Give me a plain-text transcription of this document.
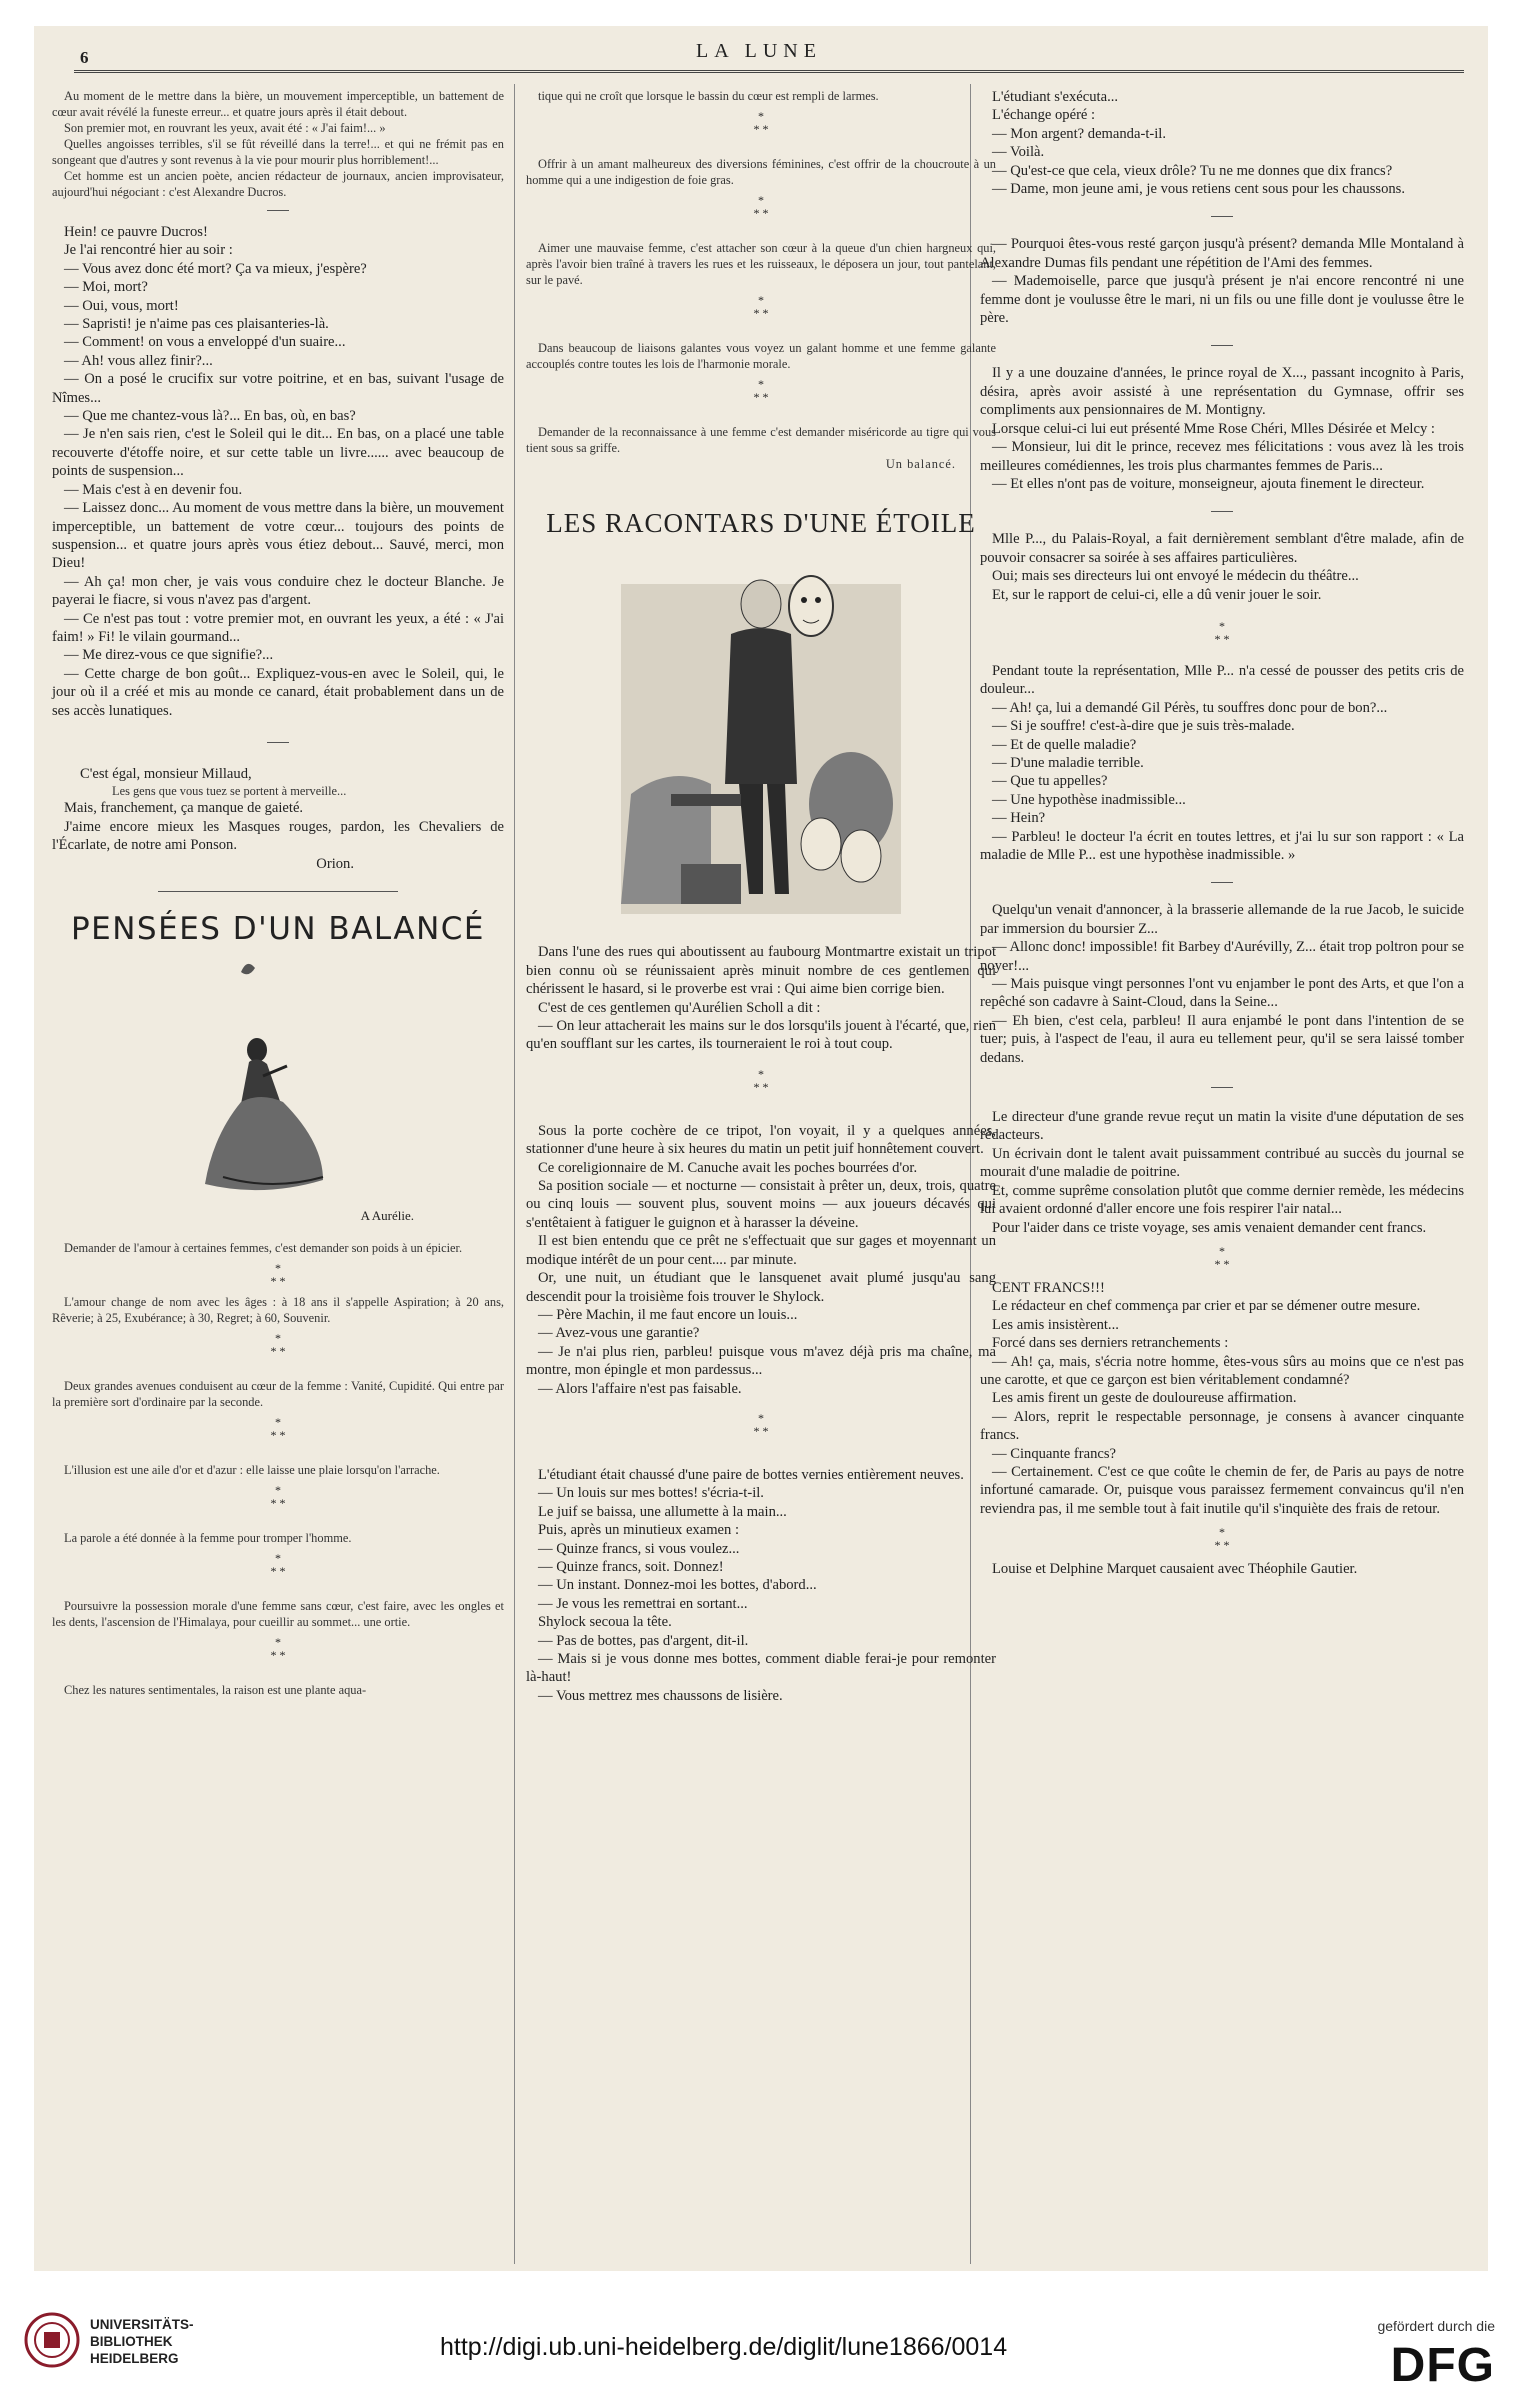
6	LA LUNE

Au moment de le mettre dans la bière, un mouvement imperceptible, un battement de cœur avait révélé la funeste erreur... et quatre jours après il était debout.

Son premier mot, en rouvrant les yeux, avait été : « J'ai faim!... »

Quelles angoisses terribles, s'il se fût réveillé dans la terre!... et qui ne frémit pas en songeant que d'autres y sont revenus à la vie pour mourir plus horriblement!...

Cet homme est un ancien poète, ancien rédacteur de journaux, ancien improvisateur, aujourd'hui négociant : c'est Alexandre Ducros.

Hein! ce pauvre Ducros!

Je l'ai rencontré hier au soir :

— Vous avez donc été mort? Ça va mieux, j'espère?

— Moi, mort?

— Oui, vous, mort!

— Sapristi! je n'aime pas ces plaisanteries-là.

— Comment! on vous a enveloppé d'un suaire...

— Ah! vous allez finir?...

— On a posé le crucifix sur votre poitrine, et en bas, suivant l'usage de Nîmes...

— Que me chantez-vous là?... En bas, où, en bas?

— Je n'en sais rien, c'est le Soleil qui le dit... En bas, on a placé une table recouverte d'étoffe noire, et sur cette table un livre...... avec beaucoup de points de suspension...

— Mais c'est à en devenir fou.

— Laissez donc... Au moment de vous mettre dans la bière, un mouvement imperceptible, un battement de votre cœur... toujours des points de suspension... et quatre jours après vous étiez debout... Sauvé, merci, mon Dieu!

— Ah ça! mon cher, je vais vous conduire chez le docteur Blanche. Je payerai le fiacre, si vous n'avez pas d'argent.

— Ce n'est pas tout : votre premier mot, en ouvrant les yeux, a été : « J'ai faim! » Fi! le vilain gourmand...

— Me direz-vous ce que signifie?...

— Cette charge de bon goût... Expliquez-vous-en avec le Soleil, qui, le jour où il a créé et mis au monde ce canard, était probablement dans un de ses accès lunatiques.

C'est égal, monsieur Millaud,

Les gens que vous tuez se portent à merveille...

Mais, franchement, ça manque de gaieté.

J'aime encore mieux les Masques rouges, pardon, les Chevaliers de l'Écarlate, de notre ami Ponson.

Orion.

PENSÉES D'UN BALANCÉ

A Aurélie.

Demander de l'amour à certaines femmes, c'est demander son poids à un épicier.

*
* *

L'amour change de nom avec les âges : à 18 ans il s'appelle Aspiration; à 20 ans, Rêverie; à 25, Exubérance; à 30, Regret; à 60, Souvenir.

*
* *

Deux grandes avenues conduisent au cœur de la femme : Vanité, Cupidité. Qui entre par la première sort d'ordinaire par la seconde.

*
* *

L'illusion est une aile d'or et d'azur : elle laisse une plaie lorsqu'on l'arrache.

*
* *

La parole a été donnée à la femme pour tromper l'homme.

*
* *

Poursuivre la possession morale d'une femme sans cœur, c'est faire, avec les ongles et les dents, l'ascension de l'Himalaya, pour cueillir au sommet... une ortie.

*
* *

Chez les natures sentimentales, la raison est une plante aqua-

tique qui ne croît que lorsque le bassin du cœur est rempli de larmes.

*
* *

Offrir à un amant malheureux des diversions féminines, c'est offrir de la choucroute à un homme qui a une indigestion de foie gras.

*
* *

Aimer une mauvaise femme, c'est attacher son cœur à la queue d'un chien hargneux qui, après l'avoir bien traîné à travers les rues et les ruisseaux, le déposera un jour, tout pantelant, sur le pavé.

*
* *

Dans beaucoup de liaisons galantes vous voyez un galant homme et une femme galante accouplés contre toutes les lois de l'harmonie morale.

*
* *

Demander de la reconnaissance à une femme c'est demander miséricorde au tigre qui vous tient sous sa griffe.

Un balancé.

LES RACONTARS D'UNE ÉTOILE

Dans l'une des rues qui aboutissent au faubourg Montmartre existait un tripot bien connu où se réunissaient après minuit nombre de ces gentlemen qui chérissent le hasard, si le proverbe est vrai : Qui aime bien corrige bien.

C'est de ces gentlemen qu'Aurélien Scholl a dit :

— On leur attacherait les mains sur le dos lorsqu'ils jouent à l'écarté, que, rien qu'en soufflant sur les cartes, ils tourneraient le roi à tout coup.

*
* *

Sous la porte cochère de ce tripot, l'on voyait, il y a quelques années, stationner d'une heure à six heures du matin un petit juif honnêtement couvert.

Ce coreligionnaire de M. Canuche avait les poches bourrées d'or.

Sa position sociale — et nocturne — consistait à prêter un, deux, trois, quatre ou cinq louis — souvent plus, souvent moins — aux joueurs décavés qui s'entêtaient à fatiguer le guignon et à harasser la déveine.

Il est bien entendu que ce prêt ne s'effectuait que sur gages et moyennant un modique intérêt de un pour cent.... par minute.

Or, une nuit, un étudiant que le lansquenet avait plumé jusqu'au sang descendit pour la troisième fois trouver le Shylock.

— Père Machin, il me faut encore un louis...

— Avez-vous une garantie?

— Je n'ai plus rien, parbleu! puisque vous m'avez déjà pris ma chaîne, ma montre, mon épingle et mon pardessus...

— Alors l'affaire n'est pas faisable.

*
* *

L'étudiant était chaussé d'une paire de bottes vernies entièrement neuves.

— Un louis sur mes bottes! s'écria-t-il.

Le juif se baissa, une allumette à la main...

Puis, après un minutieux examen :

— Quinze francs, si vous voulez...

— Quinze francs, soit. Donnez!

— Un instant. Donnez-moi les bottes, d'abord...

— Je vous les remettrai en sortant...

Shylock secoua la tête.

— Pas de bottes, pas d'argent, dit-il.

— Mais si je vous donne mes bottes, comment diable ferai-je pour remonter là-haut!

— Vous mettrez mes chaussons de lisière.

L'étudiant s'exécuta...

L'échange opéré :

— Mon argent? demanda-t-il.

— Voilà.

— Qu'est-ce que cela, vieux drôle? Tu ne me donnes que dix francs?

— Dame, mon jeune ami, je vous retiens cent sous pour les chaussons.

— Pourquoi êtes-vous resté garçon jusqu'à présent? demanda Mlle Montaland à Alexandre Dumas fils pendant une répétition de l'Ami des femmes.

— Mademoiselle, parce que jusqu'à présent je n'ai encore rencontré ni une femme dont je voulusse être le mari, ni un fils ou une fille dont je voulusse être le père.

Il y a une douzaine d'années, le prince royal de X..., passant incognito à Paris, désira, après avoir assisté à une représentation du Gymnase, offrir ses compliments aux pensionnaires de M. Montigny.

Lorsque celui-ci lui eut présenté Mme Rose Chéri, Mlles Désirée et Melcy :

— Monsieur, lui dit le prince, recevez mes félicitations : vous avez là les trois meilleures comédiennes, les trois plus charmantes femmes de Paris...

— Et elles n'ont pas de voiture, monseigneur, ajouta finement le directeur.

Mlle P..., du Palais-Royal, a fait dernièrement semblant d'être malade, afin de pouvoir consacrer sa soirée à ses affaires particulières.

Oui; mais ses directeurs lui ont envoyé le médecin du théâtre...

Et, sur le rapport de celui-ci, elle a dû venir jouer le soir.

*
* *

Pendant toute la représentation, Mlle P... n'a cessé de pousser des petits cris de douleur...

— Ah! ça, lui a demandé Gil Pérès, tu souffres donc pour de bon?...

— Si je souffre! c'est-à-dire que je suis très-malade.

— Et de quelle maladie?

— D'une maladie terrible.

— Que tu appelles?

— Une hypothèse inadmissible...

— Hein?

— Parbleu! le docteur l'a écrit en toutes lettres, et j'ai lu sur son rapport : « La maladie de Mlle P... est une hypothèse inadmissible. »

Quelqu'un venait d'annoncer, à la brasserie allemande de la rue Jacob, le suicide par immersion du boursier Z...

— Allonc donc! impossible! fit Barbey d'Aurévilly, Z... était trop poltron pour se noyer!...

— Mais puisque vingt personnes l'ont vu enjamber le pont des Arts, et que l'on a repêché son cadavre à Saint-Cloud, dans la Seine...

— Eh bien, c'est cela, parbleu! Il aura enjambé le pont dans l'intention de se tuer; puis, à l'aspect de l'eau, il aura eu tellement peur, qu'il se sera laissé tomber dedans.

Le directeur d'une grande revue reçut un matin la visite d'une députation de ses rédacteurs.

Un écrivain dont le talent avait puissamment contribué au succès du journal se mourait d'une maladie de poitrine.

Et, comme suprême consolation plutôt que comme dernier remède, les médecins lui avaient ordonné d'aller encore une fois respirer l'air natal...

Pour l'aider dans ce triste voyage, ses amis venaient demander cent francs.

*
* *

CENT FRANCS!!!

Le rédacteur en chef commença par crier et par se démener outre mesure.

Les amis insistèrent...

Forcé dans ses derniers retranchements :

— Ah! ça, mais, s'écria notre homme, êtes-vous sûrs au moins que ce n'est pas une carotte, et que ce garçon est bien véritablement condamné?

Les amis firent un geste de douloureuse affirmation.

— Alors, reprit le respectable personnage, je consens à avancer cinquante francs.

— Cinquante francs?

— Certainement. C'est ce que coûte le chemin de fer, de Paris au pays de notre infortuné camarade. Or, puisque vous paraissez fermement convaincus qu'il n'en reviendra pas, il me semble tout à fait inutile qu'il s'inquiète des frais de retour.

*
* *

Louise et Delphine Marquet causaient avec Théophile Gautier.

UNIVERSITÄTS-
BIBLIOTHEK
HEIDELBERG	http://digi.ub.uni-heidelberg.de/diglit/lune1866/0014
gefördert durch die
DFG
